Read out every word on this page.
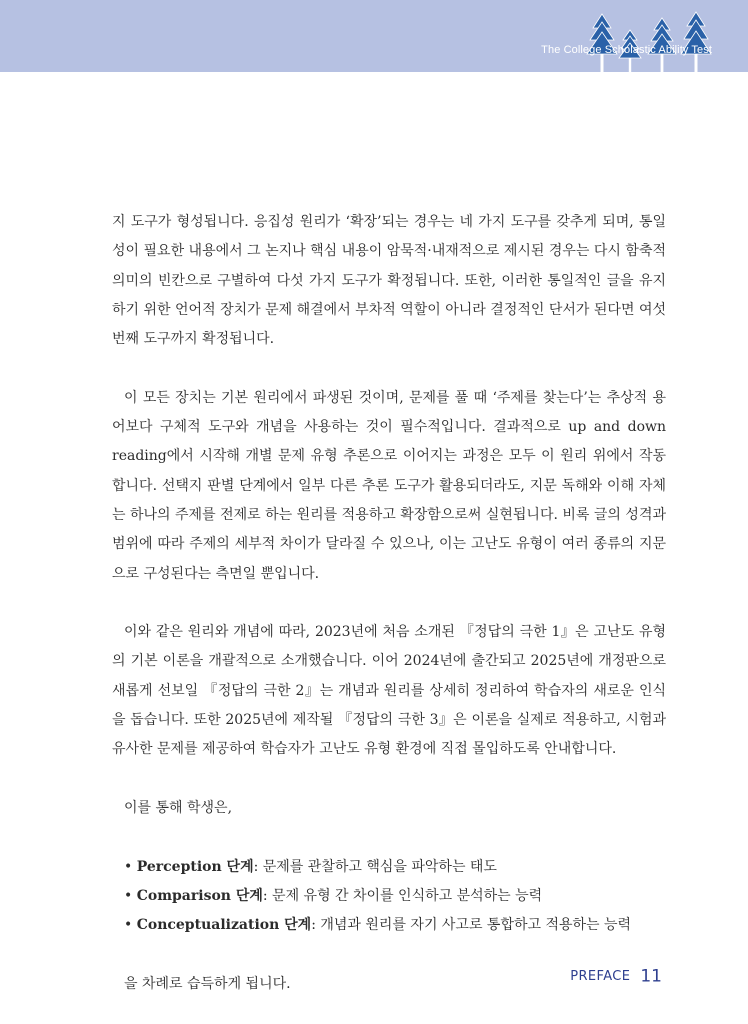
The College Scholastic Ability Test

지 도구가 형성됩니다. 응집성 원리가 ‘확장’되는 경우는 네 가지 도구를 갖추게 되며, 통일성이 필요한 내용에서 그 논지나 핵심 내용이 암묵적·내재적으로 제시된 경우는 다시 함축적 의미의 빈칸으로 구별하여 다섯 가지 도구가 확정됩니다. 또한, 이러한 통일적인 글을 유지하기 위한 언어적 장치가 문제 해결에서 부차적 역할이 아니라 결정적인 단서가 된다면 여섯 번째 도구까지 확정됩니다.

이 모든 장치는 기본 원리에서 파생된 것이며, 문제를 풀 때 ‘주제를 찾는다’는 추상적 용어보다 구체적 도구와 개념을 사용하는 것이 필수적입니다. 결과적으로 up and down reading에서 시작해 개별 문제 유형 추론으로 이어지는 과정은 모두 이 원리 위에서 작동합니다. 선택지 판별 단계에서 일부 다른 추론 도구가 활용되더라도, 지문 독해와 이해 자체는 하나의 주제를 전제로 하는 원리를 적용하고 확장함으로써 실현됩니다. 비록 글의 성격과 범위에 따라 주제의 세부적 차이가 달라질 수 있으나, 이는 고난도 유형이 여러 종류의 지문으로 구성된다는 측면일 뿐입니다.

이와 같은 원리와 개념에 따라, 2023년에 처음 소개된 『정답의 극한 1』은 고난도 유형의 기본 이론을 개괄적으로 소개했습니다. 이어 2024년에 출간되고 2025년에 개정판으로 새롭게 선보일 『정답의 극한 2』는 개념과 원리를 상세히 정리하여 학습자의 새로운 인식을 돕습니다. 또한 2025년에 제작될 『정답의 극한 3』은 이론을 실제로 적용하고, 시험과 유사한 문제를 제공하여 학습자가 고난도 유형 환경에 직접 몰입하도록 안내합니다.

이를 통해 학생은,

• Perception 단계: 문제를 관찰하고 핵심을 파악하는 태도
• Comparison 단계: 문제 유형 간 차이를 인식하고 분석하는 능력
• Conceptualization 단계: 개념과 원리를 자기 사고로 통합하고 적용하는 능력

을 차례로 습득하게 됩니다.	PREFACE 11
